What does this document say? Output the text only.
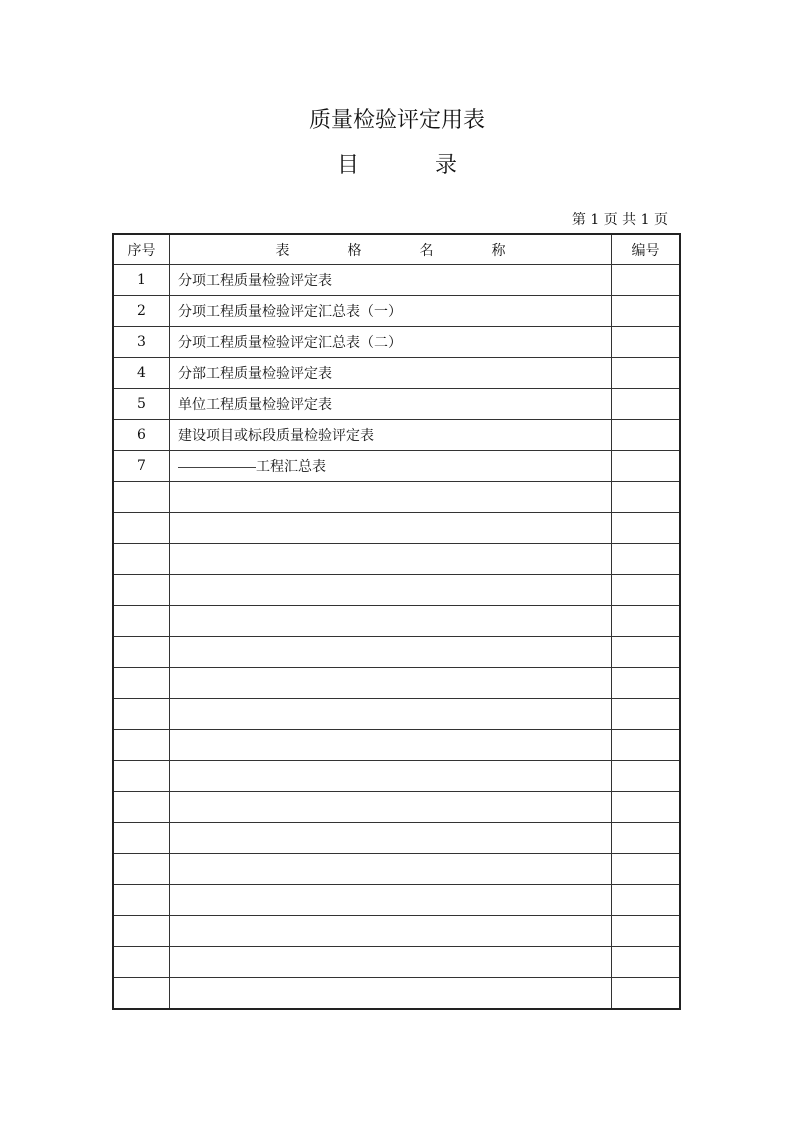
质量检验评定用表
目	录
第 1 页 共 1 页
序号	表 格 名 称	编号
1	分项工程质量检验评定表	
2	分项工程质量检验评定汇总表（一）	
3	分项工程质量检验评定汇总表（二）	
4	分部工程质量检验评定表	
5	单位工程质量检验评定表	
6	建设项目或标段质量检验评定表	
7	工程汇总表	
